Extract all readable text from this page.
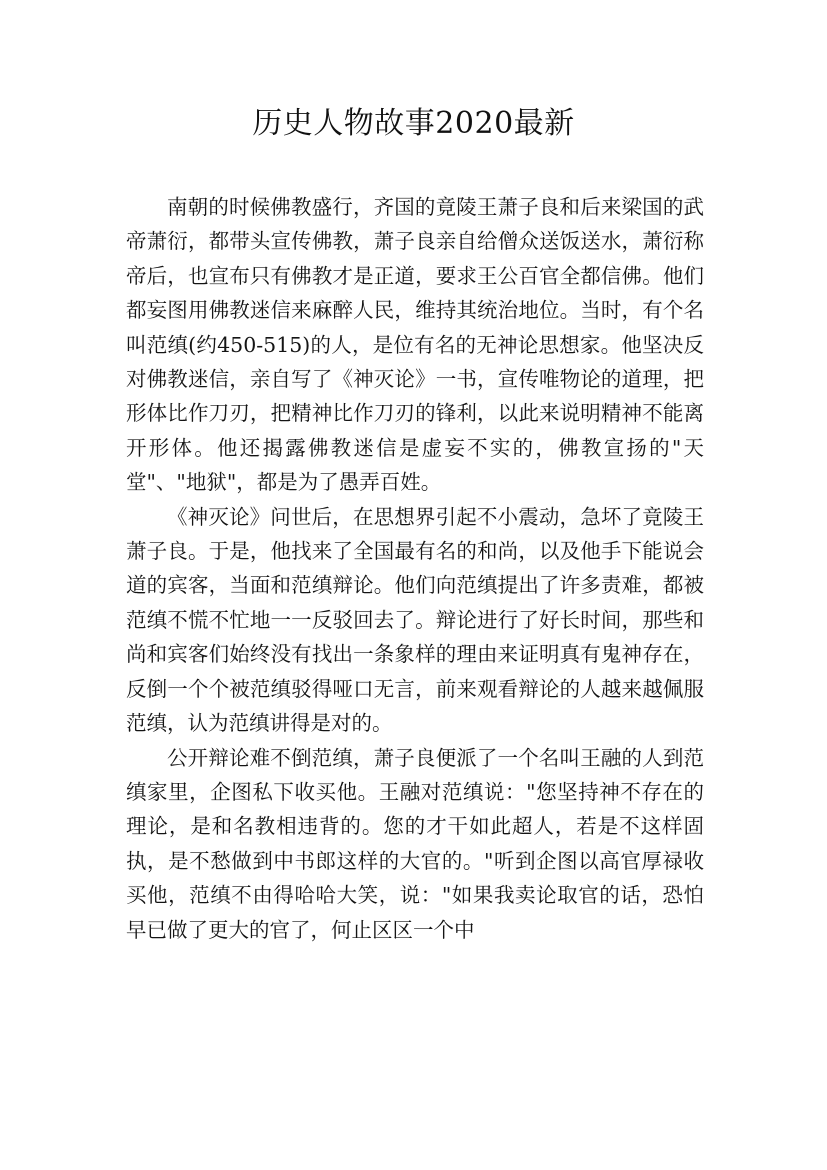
历史人物故事2020最新

南朝的时候佛教盛行，齐国的竟陵王萧子良和后来梁国的武帝萧衍，都带头宣传佛教，萧子良亲自给僧众送饭送水，萧衍称帝后，也宣布只有佛教才是正道，要求王公百官全都信佛。他们都妄图用佛教迷信来麻醉人民，维持其统治地位。当时，有个名叫范缜(约450-515)的人，是位有名的无神论思想家。他坚决反对佛教迷信，亲自写了《神灭论》一书，宣传唯物论的道理，把形体比作刀刃，把精神比作刀刃的锋利，以此来说明精神不能离开形体。他还揭露佛教迷信是虚妄不实的，佛教宣扬的"天堂"、"地狱"，都是为了愚弄百姓。

《神灭论》问世后，在思想界引起不小震动，急坏了竟陵王萧子良。于是，他找来了全国最有名的和尚，以及他手下能说会道的宾客，当面和范缜辩论。他们向范缜提出了许多责难，都被范缜不慌不忙地一一反驳回去了。辩论进行了好长时间，那些和尚和宾客们始终没有找出一条象样的理由来证明真有鬼神存在，反倒一个个被范缜驳得哑口无言，前来观看辩论的人越来越佩服范缜，认为范缜讲得是对的。

公开辩论难不倒范缜，萧子良便派了一个名叫王融的人到范缜家里，企图私下收买他。王融对范缜说："您坚持神不存在的理论，是和名教相违背的。您的才干如此超人，若是不这样固执，是不愁做到中书郎这样的大官的。"听到企图以高官厚禄收买他，范缜不由得哈哈大笑，说："如果我卖论取官的话，恐怕早已做了更大的官了，何止区区一个中
